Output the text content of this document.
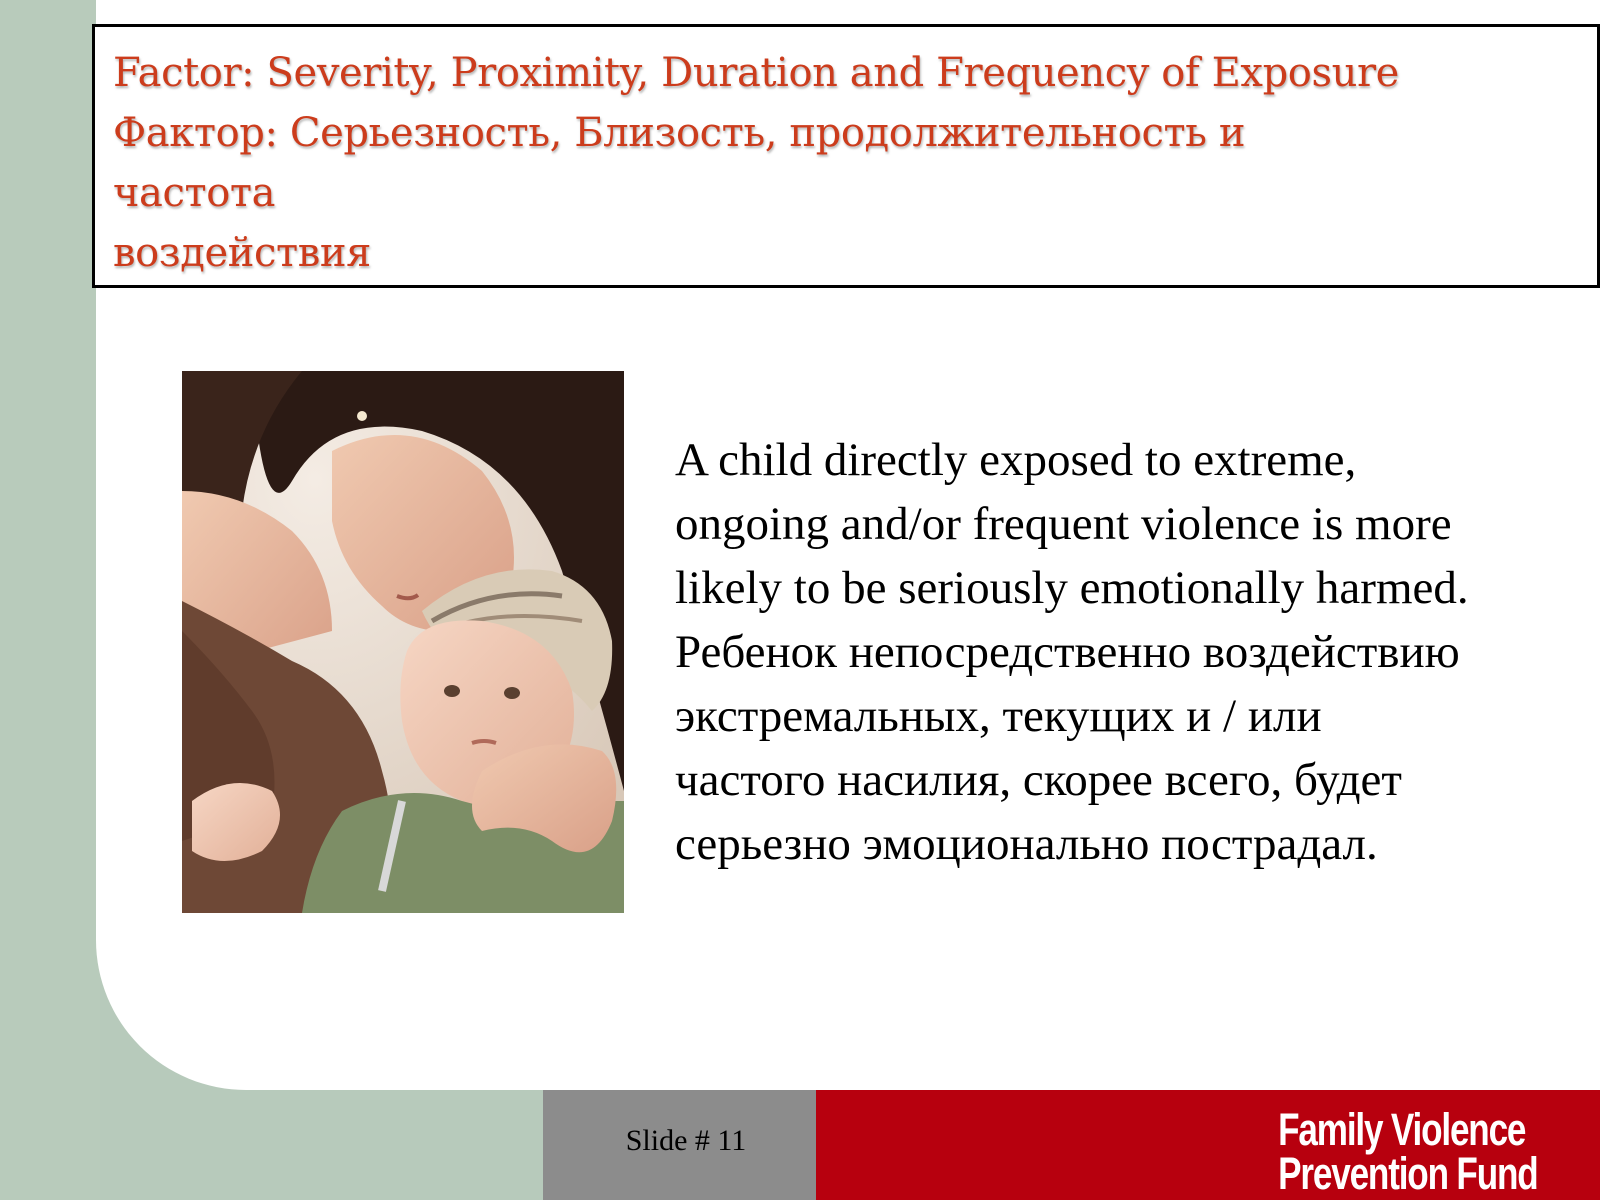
Factor: Severity, Proximity, Duration and Frequency of Exposure
Фактор: Серьезность, Близость, продолжительность и
частота
воздействия
A child directly exposed to extreme,
ongoing and/or frequent violence is more
likely to be seriously emotionally harmed.
Ребенок непосредственно воздействию
экстремальных, текущих и / или
частого насилия, скорее всего, будет
серьезно эмоционально пострадал.
Slide # 11	Family Violence
Prevention Fund
